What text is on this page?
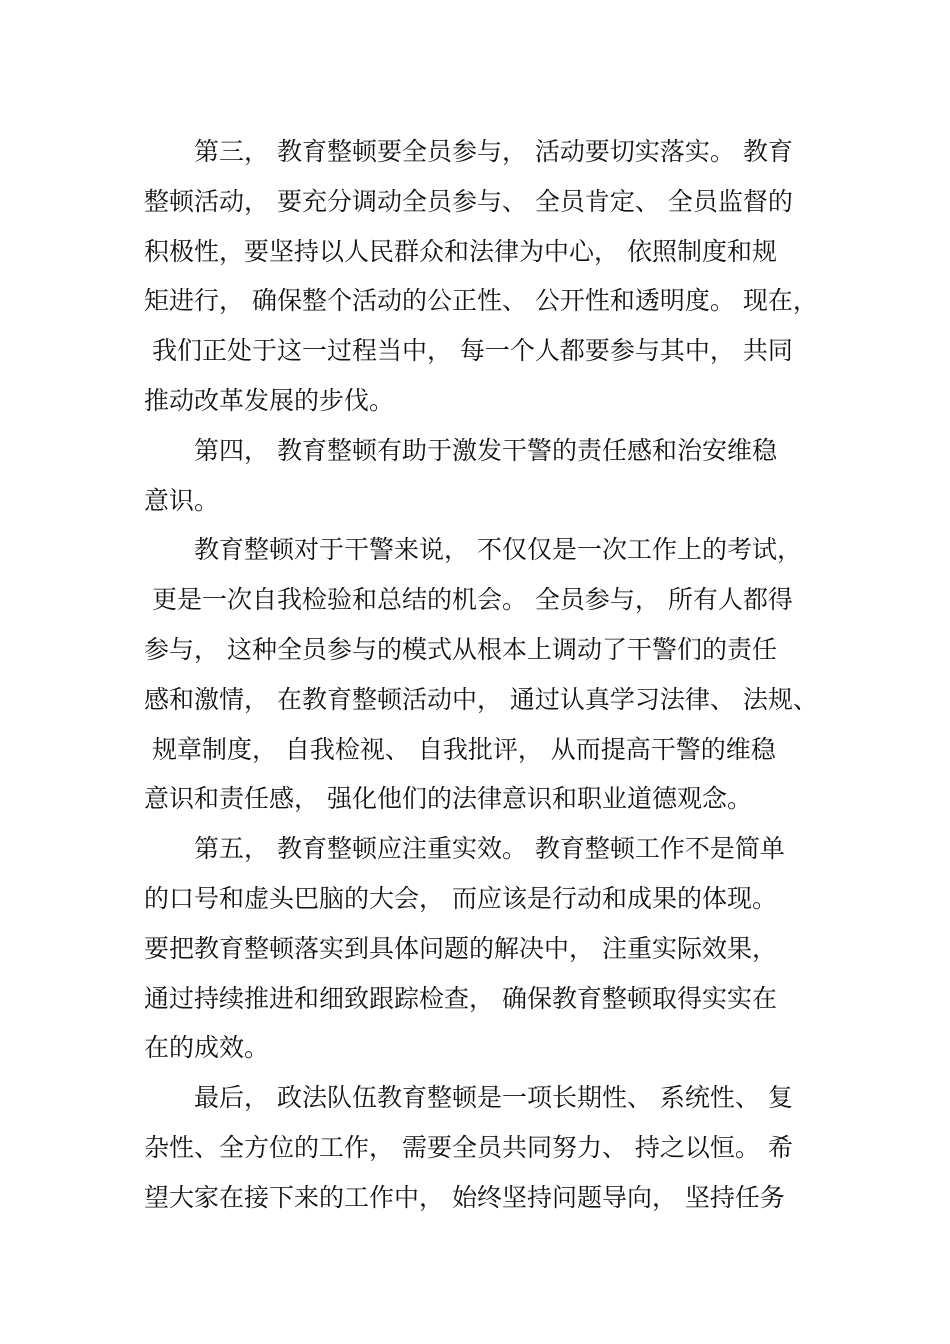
第三， 教育整顿要全员参与， 活动要切实落实。 教育
整顿活动， 要充分调动全员参与、 全员肯定、 全员监督的
积极性，要坚持以人民群众和法律为中心， 依照制度和规
矩进行， 确保整个活动的公正性、 公开性和透明度。 现在，
我们正处于这一过程当中， 每一个人都要参与其中， 共同
推动改革发展的步伐。
第四， 教育整顿有助于激发干警的责任感和治安维稳
意识。
教育整顿对于干警来说， 不仅仅是一次工作上的考试，
更是一次自我检验和总结的机会。 全员参与， 所有人都得
参与， 这种全员参与的模式从根本上调动了干警们的责任
感和激情， 在教育整顿活动中， 通过认真学习法律、 法规、
规章制度， 自我检视、 自我批评， 从而提高干警的维稳
意识和责任感， 强化他们的法律意识和职业道德观念。
第五， 教育整顿应注重实效。 教育整顿工作不是简单
的口号和虚头巴脑的大会， 而应该是行动和成果的体现。
要把教育整顿落实到具体问题的解决中， 注重实际效果，
通过持续推进和细致跟踪检查， 确保教育整顿取得实实在
在的成效。
最后， 政法队伍教育整顿是一项长期性、 系统性、 复
杂性、全方位的工作， 需要全员共同努力、 持之以恒。 希
望大家在接下来的工作中， 始终坚持问题导向， 坚持任务
